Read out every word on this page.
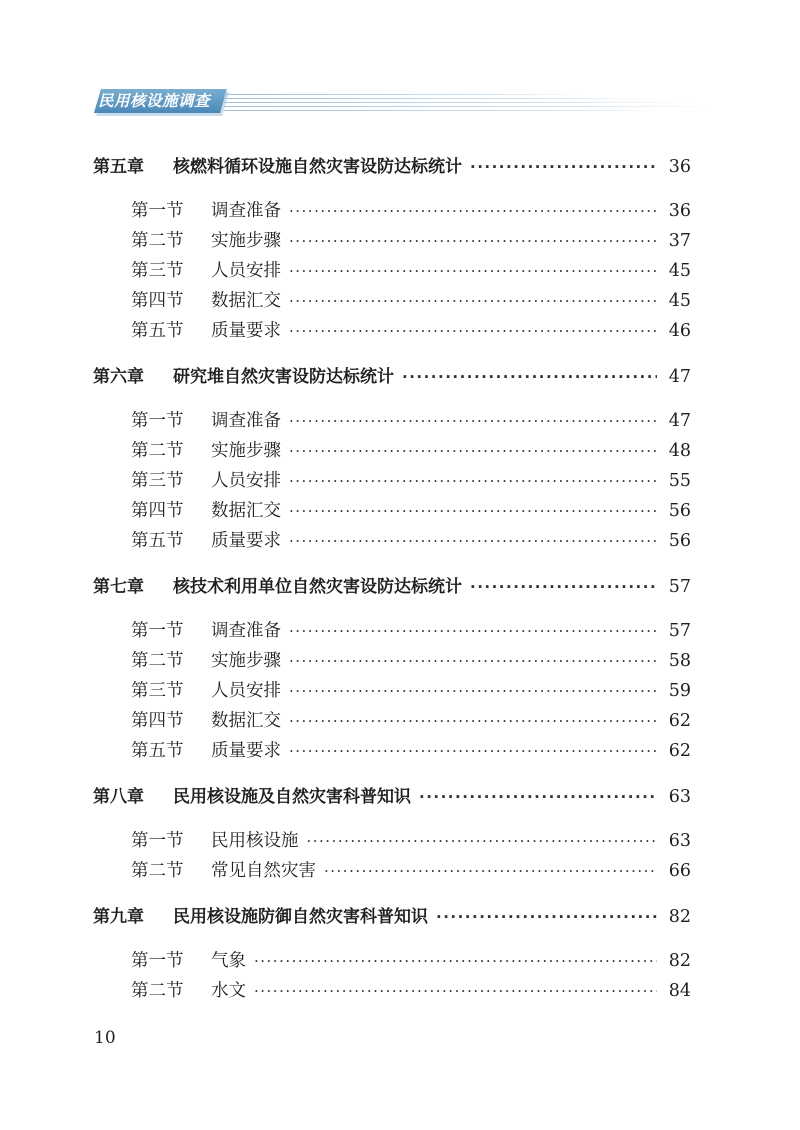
民用核设施调查
第五章	核燃料循环设施自然灾害设防达标统计 ·····	36
第一节	调查准备 ·····	36
第二节	实施步骤 ·····	37
第三节	人员安排 ·····	45
第四节	数据汇交 ·····	45
第五节	质量要求 ·····	46
第六章	研究堆自然灾害设防达标统计 ·····	47
第一节	调查准备 ·····	47
第二节	实施步骤 ·····	48
第三节	人员安排 ·····	55
第四节	数据汇交 ·····	56
第五节	质量要求 ·····	56
第七章	核技术利用单位自然灾害设防达标统计 ·····	57
第一节	调查准备 ·····	57
第二节	实施步骤 ·····	58
第三节	人员安排 ·····	59
第四节	数据汇交 ·····	62
第五节	质量要求 ·····	62
第八章	民用核设施及自然灾害科普知识 ·····	63
第一节	民用核设施 ·····	63
第二节	常见自然灾害 ·····	66
第九章	民用核设施防御自然灾害科普知识 ·····	82
第一节	气象 ·····	82
第二节	水文 ·····	84
10
